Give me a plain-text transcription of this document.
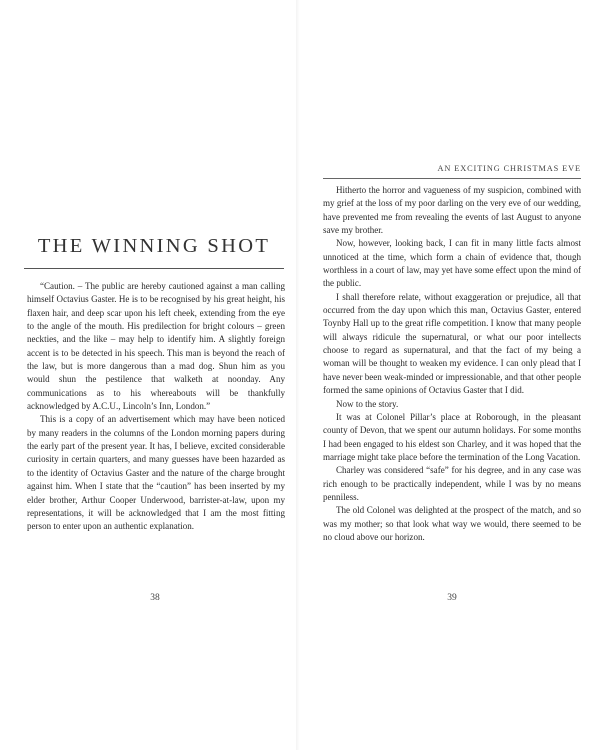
THE WINNING SHOT

“Caution. – The public are hereby cautioned against a man calling himself Octavius Gaster. He is to be recognised by his great height, his flaxen hair, and deep scar upon his left cheek, extending from the eye to the angle of the mouth. His predilection for bright colours – green neckties, and the like – may help to identify him. A slightly foreign accent is to be detected in his speech. This man is beyond the reach of the law, but is more dangerous than a mad dog. Shun him as you would shun the pestilence that walketh at noonday. Any communications as to his whereabouts will be thankfully acknowledged by A.C.U., Lincoln’s Inn, London.”

This is a copy of an advertisement which may have been noticed by many readers in the columns of the London morning papers during the early part of the present year. It has, I believe, excited considerable curiosity in certain quarters, and many guesses have been hazarded as to the identity of Octavius Gaster and the nature of the charge brought against him. When I state that the “caution” has been inserted by my elder brother, Arthur Cooper Underwood, barrister-at-law, upon my representations, it will be acknowledged that I am the most fitting person to enter upon an authentic explanation.

38
AN EXCITING CHRISTMAS EVE

Hitherto the horror and vagueness of my suspicion, combined with my grief at the loss of my poor darling on the very eve of our wedding, have prevented me from revealing the events of last August to anyone save my brother.

Now, however, looking back, I can fit in many little facts almost unnoticed at the time, which form a chain of evidence that, though worthless in a court of law, may yet have some effect upon the mind of the public.

I shall therefore relate, without exaggeration or prejudice, all that occurred from the day upon which this man, Octavius Gaster, entered Toynby Hall up to the great rifle competition. I know that many people will always ridicule the supernatural, or what our poor intellects choose to regard as supernatural, and that the fact of my being a woman will be thought to weaken my evidence. I can only plead that I have never been weak-minded or impressionable, and that other people formed the same opinions of Octavius Gaster that I did.

Now to the story.

It was at Colonel Pillar’s place at Roborough, in the pleasant county of Devon, that we spent our autumn holidays. For some months I had been engaged to his eldest son Charley, and it was hoped that the marriage might take place before the termination of the Long Vacation.

Charley was considered “safe” for his degree, and in any case was rich enough to be practically independent, while I was by no means penniless.

The old Colonel was delighted at the prospect of the match, and so was my mother; so that look what way we would, there seemed to be no cloud above our horizon.

39
